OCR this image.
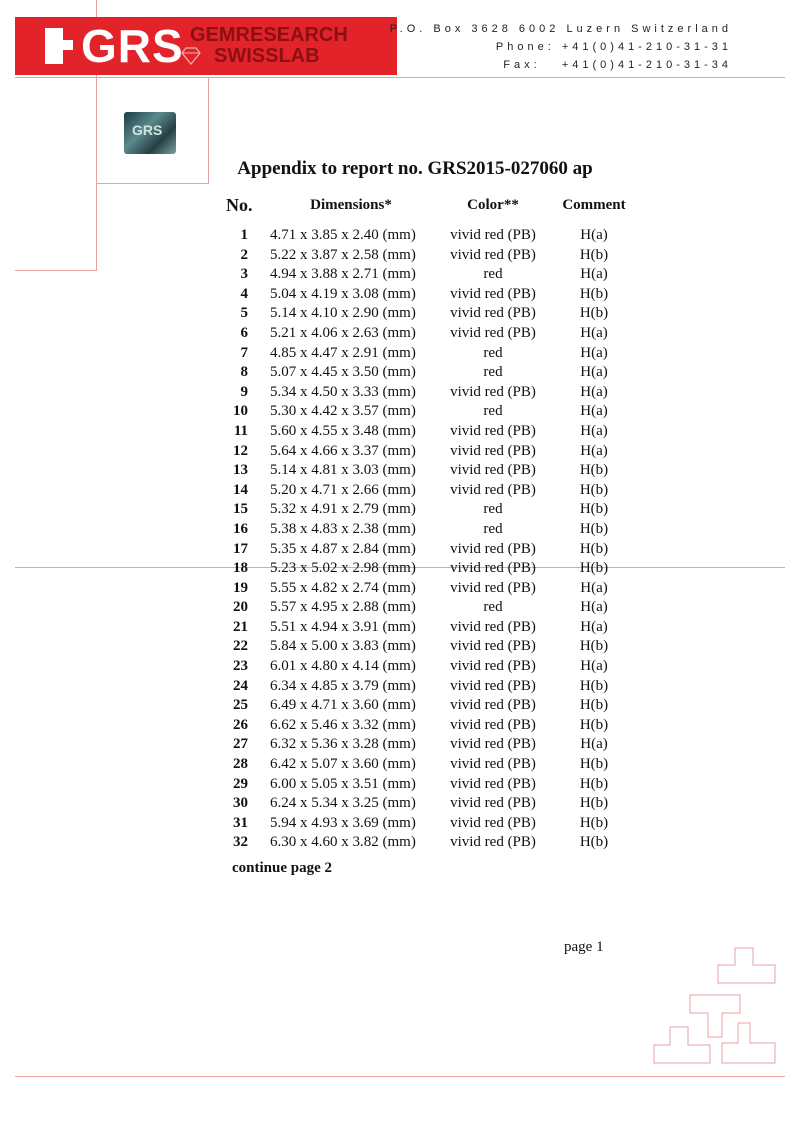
GRS GEMRESEARCH
SWISSLAB
P.O. Box 3628 6002 Luzern Switzerland
Phone: +41(0)41-210-31-31
Fax:   +41(0)41-210-31-34
GRS
Appendix to report no. GRS2015-027060 ap
No.	Dimensions*	Color**	Comment
1	4.71 x 3.85 x 2.40 (mm)	vivid red (PB)	H(a)
2	5.22 x 3.87 x 2.58 (mm)	vivid red (PB)	H(b)
3	4.94 x 3.88 x 2.71 (mm)	red	H(a)
4	5.04 x 4.19 x 3.08 (mm)	vivid red (PB)	H(b)
5	5.14 x 4.10 x 2.90 (mm)	vivid red (PB)	H(b)
6	5.21 x 4.06 x 2.63 (mm)	vivid red (PB)	H(a)
7	4.85 x 4.47 x 2.91 (mm)	red	H(a)
8	5.07 x 4.45 x 3.50 (mm)	red	H(a)
9	5.34 x 4.50 x 3.33 (mm)	vivid red (PB)	H(a)
10	5.30 x 4.42 x 3.57 (mm)	red	H(a)
11	5.60 x 4.55 x 3.48 (mm)	vivid red (PB)	H(a)
12	5.64 x 4.66 x 3.37 (mm)	vivid red (PB)	H(a)
13	5.14 x 4.81 x 3.03 (mm)	vivid red (PB)	H(b)
14	5.20 x 4.71 x 2.66 (mm)	vivid red (PB)	H(b)
15	5.32 x 4.91 x 2.79 (mm)	red	H(b)
16	5.38 x 4.83 x 2.38 (mm)	red	H(b)
17	5.35 x 4.87 x 2.84 (mm)	vivid red (PB)	H(b)
18	5.23 x 5.02 x 2.98 (mm)	vivid red (PB)	H(b)
19	5.55 x 4.82 x 2.74 (mm)	vivid red (PB)	H(a)
20	5.57 x 4.95 x 2.88 (mm)	red	H(a)
21	5.51 x 4.94 x 3.91 (mm)	vivid red (PB)	H(a)
22	5.84 x 5.00 x 3.83 (mm)	vivid red (PB)	H(b)
23	6.01 x 4.80 x 4.14 (mm)	vivid red (PB)	H(a)
24	6.34 x 4.85 x 3.79 (mm)	vivid red (PB)	H(b)
25	6.49 x 4.71 x 3.60 (mm)	vivid red (PB)	H(b)
26	6.62 x 5.46 x 3.32 (mm)	vivid red (PB)	H(b)
27	6.32 x 5.36 x 3.28 (mm)	vivid red (PB)	H(a)
28	6.42 x 5.07 x 3.60 (mm)	vivid red (PB)	H(b)
29	6.00 x 5.05 x 3.51 (mm)	vivid red (PB)	H(b)
30	6.24 x 5.34 x 3.25 (mm)	vivid red (PB)	H(b)
31	5.94 x 4.93 x 3.69 (mm)	vivid red (PB)	H(b)
32	6.30 x 4.60 x 3.82 (mm)	vivid red (PB)	H(b)
continue page 2
page 1
